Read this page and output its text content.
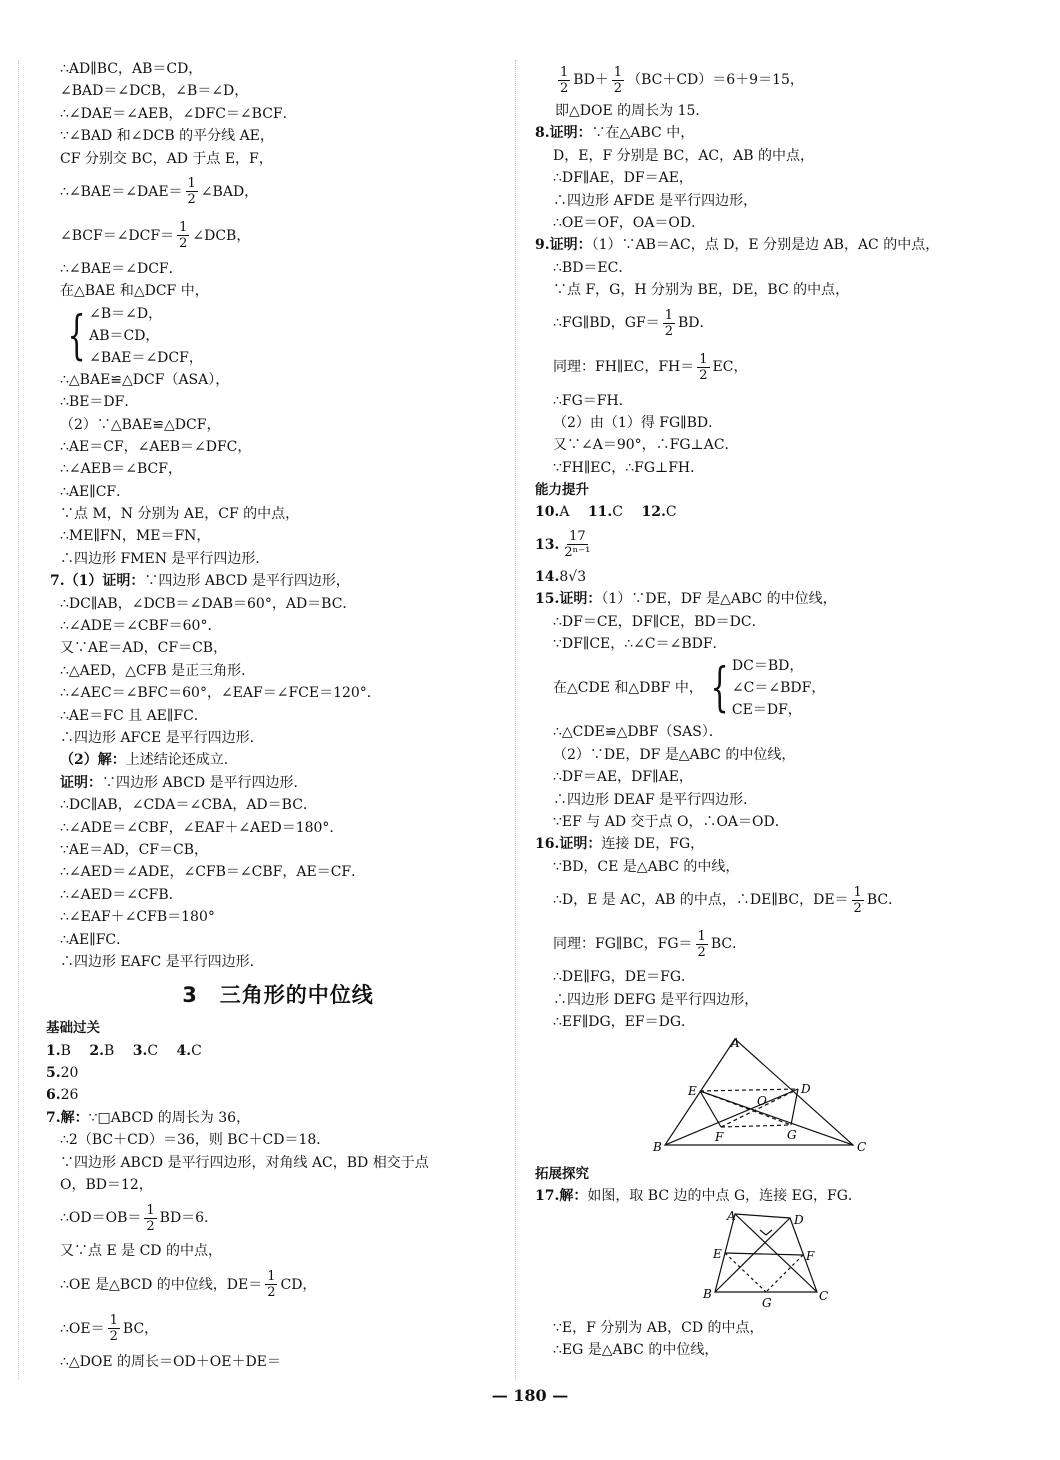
∴AD∥BC，AB＝CD，
∠BAD＝∠DCB，∠B＝∠D，
∴∠DAE＝∠AEB，∠DFC＝∠BCF．
∵∠BAD 和∠DCB 的平分线 AE，
CF 分别交 BC，AD 于点 E，F，
∴∠BAE＝∠DAE＝ $\frac{1}{2}$ ∠BAD，
∠BCF＝∠DCF＝ $\frac{1}{2}$ ∠DCB，
∴∠BAE＝∠DCF．
在△BAE 和△DCF 中，
{ ∠B＝∠D，
AB＝CD，
∠BAE＝∠DCF，
∴△BAE≌△DCF（ASA），
∴BE＝DF．
（2）∵△BAE≌△DCF，
∴AE＝CF，∠AEB＝∠DFC，
∴∠AEB＝∠BCF，
∴AE∥CF．
∵点 M，N 分别为 AE，CF 的中点，
∴ME∥FN，ME＝FN，
∴四边形 FMEN 是平行四边形．
7.（1）证明：∵四边形 ABCD 是平行四边形，
∴DC∥AB，∠DCB＝∠DAB＝60°，AD＝BC．
∴∠ADE＝∠CBF＝60°．
又∵AE＝AD，CF＝CB，
∴△AED，△CFB 是正三角形．
∴∠AEC＝∠BFC＝60°，∠EAF＝∠FCE＝120°．
∴AE＝FC 且 AE∥FC．
∴四边形 AFCE 是平行四边形．
（2）解：上述结论还成立．
证明：∵四边形 ABCD 是平行四边形．
∴DC∥AB，∠CDA＝∠CBA，AD＝BC．
∴∠ADE＝∠CBF，∠EAF＋∠AED＝180°．
∵AE＝AD，CF＝CB，
∴∠AED＝∠ADE，∠CFB＝∠CBF，AE＝CF．
∴∠AED＝∠CFB．
∴∠EAF＋∠CFB＝180°
∴AE∥FC．
∴四边形 EAFC 是平行四边形．
3　三角形的中位线
基础过关
1.B　 2.B　 3.C　 4.C
5.20
6.26
7.解：∵□ABCD 的周长为 36，
∴2（BC＋CD）＝36，则 BC＋CD＝18．
∵四边形 ABCD 是平行四边形，对角线 AC，BD 相交于点
O，BD＝12，
∴OD＝OB＝ $\frac{1}{2} BD=6$．
又∵点 E 是 CD 的中点，
∴OE 是△BCD 的中位线，$DE= \frac{1}{2}$ CD，
∴OE＝ $\frac{1}{2}$ BC，
∴△DOE 的周长＝OD＋OE＋DE＝
$\frac{1}{2} BD+ \frac{1}{2} (BC+CD)=6+9=15$，
即△DOE 的周长为 15．
8.证明：∵在△ABC 中，
D，E，F 分别是 BC，AC，AB 的中点，
∴DF∥AE，DF＝AE，
∴四边形 AFDE 是平行四边形，
∴OE＝OF，OA＝OD．
9.证明：（1）∵AB＝AC，点 D，E 分别是边 AB，AC 的中点，
∴BD＝EC．
∵点 F，G，H 分别为 BE，DE，BC 的中点，
∴FG∥BD，$GF= \frac{1}{2}$ BD．
同理：FH∥EC，$FH= \frac{1}{2}$ EC，
∴FG＝FH．
（2）由（1）得 FG∥BD．
又∵∠A＝90°，∴FG⊥AC．
∵FH∥EC，∴FG⊥FH．
能力提升
10.A　 11.C　 12.C
13. $\frac{17}{\text{2ⁿ⁻¹}}$
14.8√3
15.证明：（1）∵DE，DF 是△ABC 的中位线，
∴DF＝CE，DF∥CE，BD＝DC．
∵DF∥CE，∴∠C＝∠BDF．
在△CDE 和△DBF 中， { DC＝BD，
∠C＝∠BDF，
CE＝DF，
∴△CDE≌△DBF（SAS）．
（2）∵DE，DF 是△ABC 的中位线，
∴DF＝AE，DF∥AE，
∴四边形 DEAF 是平行四边形．
∵EF 与 AD 交于点 O，∴OA＝OD．
16.证明：连接 DE，FG，
∵BD，CE 是△ABC 的中线，
∴D，E 是 AC，AB 的中点，∴DE∥BC，$DE= \frac{1}{2}$ BC．
同理：FG∥BC，$FG= \frac{1}{2}$ BC．
∴DE∥FG，DE＝FG．
∴四边形 DEFG 是平行四边形，
∴EF∥DG，EF＝DG．
A
E	D
O
B
F	G
C
拓展探究
17.解：如图，取 BC 边的中点 G，连接 EG，FG．
A	D
E	F
B
G	C
∵E，F 分别为 AB，CD 的中点，
∴EG 是△ABC 的中位线，
— 180 —
